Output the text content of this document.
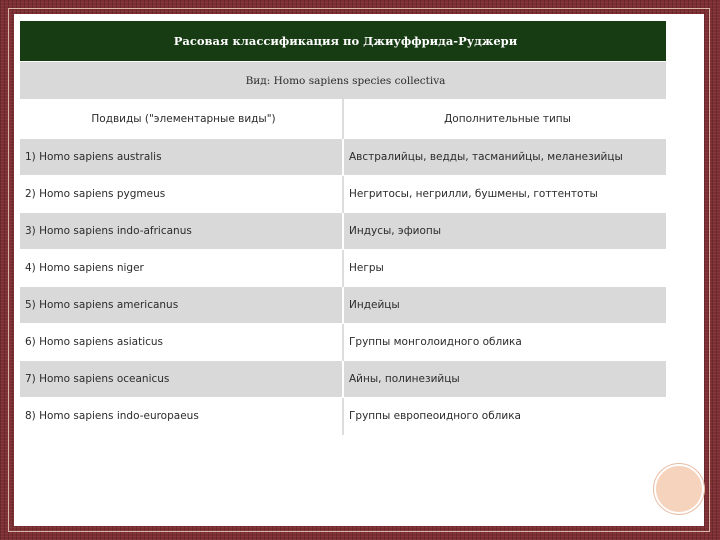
Расовая классификация по Джиуффрида-Руджери	
Вид: Homo sapiens species collectiva	
Подвиды ("элементарные виды")	Дополнительные типы
1) Homo sapiens australis	Австралийцы, ведды, тасманийцы, меланезийцы
2) Homo sapiens pygmeus	Негритосы, негрилли, бушмены, готтентоты
3) Homo sapiens indo-africanus	Индусы, эфиопы
4) Homo sapiens niger	Негры
5) Homo sapiens americanus	Индейцы
6) Homo sapiens asiaticus	Группы монголоидного облика
7) Homo sapiens oceanicus	Айны, полинезийцы
8) Homo sapiens indo-europaeus	Группы европеоидного облика
